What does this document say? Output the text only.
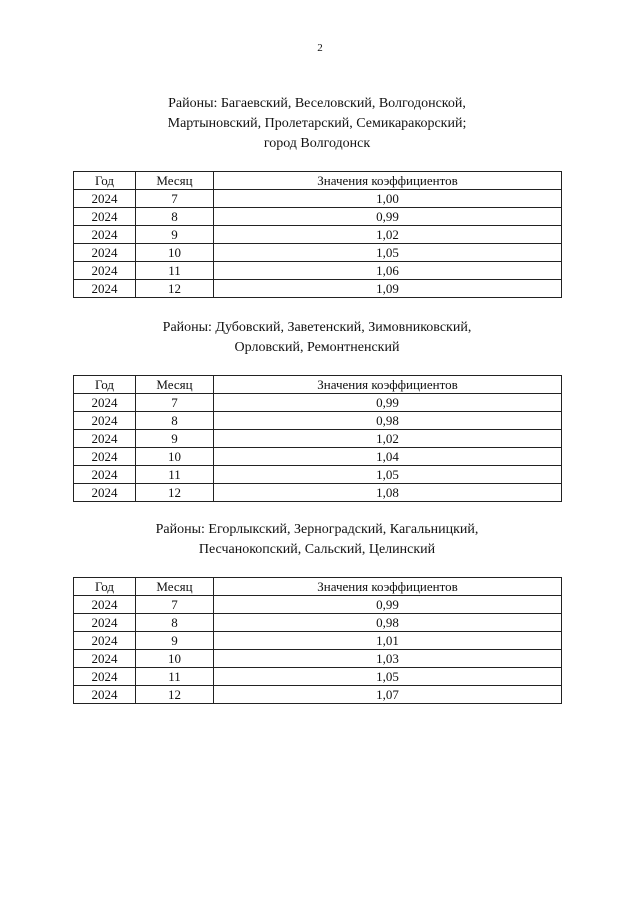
2

Районы: Багаевский, Веселовский, Волгодонской,
Мартыновский, Пролетарский, Семикаракорский;
город Волгодонск

Год	Месяц	Значения коэффициентов
2024	7	1,00
2024	8	0,99
2024	9	1,02
2024	10	1,05
2024	11	1,06
2024	12	1,09

Районы: Дубовский, Заветенский, Зимовниковский,
Орловский, Ремонтненский

Год	Месяц	Значения коэффициентов
2024	7	0,99
2024	8	0,98
2024	9	1,02
2024	10	1,04
2024	11	1,05
2024	12	1,08

Районы: Егорлыкский, Зерноградский, Кагальницкий,
Песчанокопский, Сальский, Целинский

Год	Месяц	Значения коэффициентов
2024	7	0,99
2024	8	0,98
2024	9	1,01
2024	10	1,03
2024	11	1,05
2024	12	1,07
